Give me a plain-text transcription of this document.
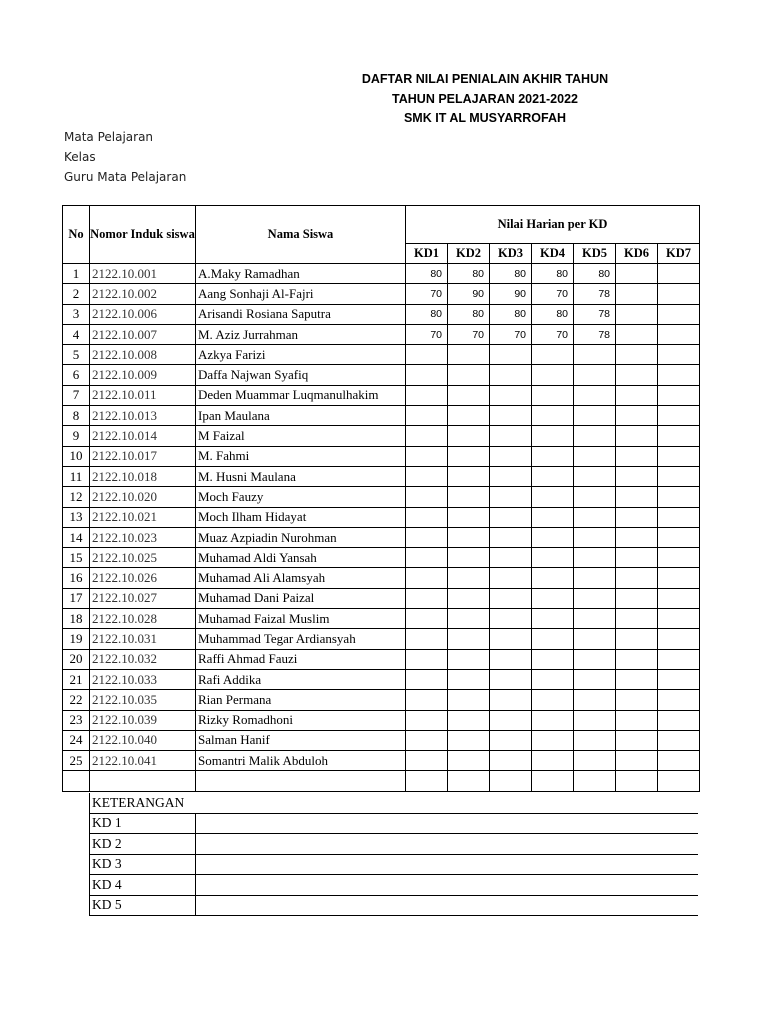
DAFTAR NILAI PENIALAIN AKHIR TAHUN
TAHUN PELAJARAN 2021-2022
SMK IT AL MUSYARROFAH
Mata Pelajaran
Kelas
Guru Mata Pelajaran
No	Nomor Induk siswa	Nama Siswa	Nilai Harian per KD						
			KD1	KD2	KD3	KD4	KD5	KD6	KD7
1	2122.10.001	A.Maky Ramadhan	80	80	80	80	80		
2	2122.10.002	Aang Sonhaji Al-Fajri	70	90	90	70	78		
3	2122.10.006	Arisandi Rosiana Saputra	80	80	80	80	78		
4	2122.10.007	M. Aziz Jurrahman	70	70	70	70	78		
5	2122.10.008	Azkya Farizi							
6	2122.10.009	Daffa Najwan Syafiq							
7	2122.10.011	Deden Muammar Luqmanulhakim							
8	2122.10.013	Ipan Maulana							
9	2122.10.014	M Faizal							
10	2122.10.017	M. Fahmi							
11	2122.10.018	M. Husni Maulana							
12	2122.10.020	Moch Fauzy							
13	2122.10.021	Moch Ilham Hidayat							
14	2122.10.023	Muaz Azpiadin Nurohman							
15	2122.10.025	Muhamad Aldi Yansah							
16	2122.10.026	Muhamad Ali Alamsyah							
17	2122.10.027	Muhamad Dani Paizal							
18	2122.10.028	Muhamad Faizal Muslim							
19	2122.10.031	Muhammad Tegar Ardiansyah							
20	2122.10.032	Raffi Ahmad Fauzi							
21	2122.10.033	Rafi Addika							
22	2122.10.035	Rian Permana							
23	2122.10.039	Rizky Romadhoni							
24	2122.10.040	Salman Hanif							
25	2122.10.041	Somantri Malik Abduloh							

KETERANGAN	
KD 1	
KD 2	
KD 3	
KD 4	
KD 5	
